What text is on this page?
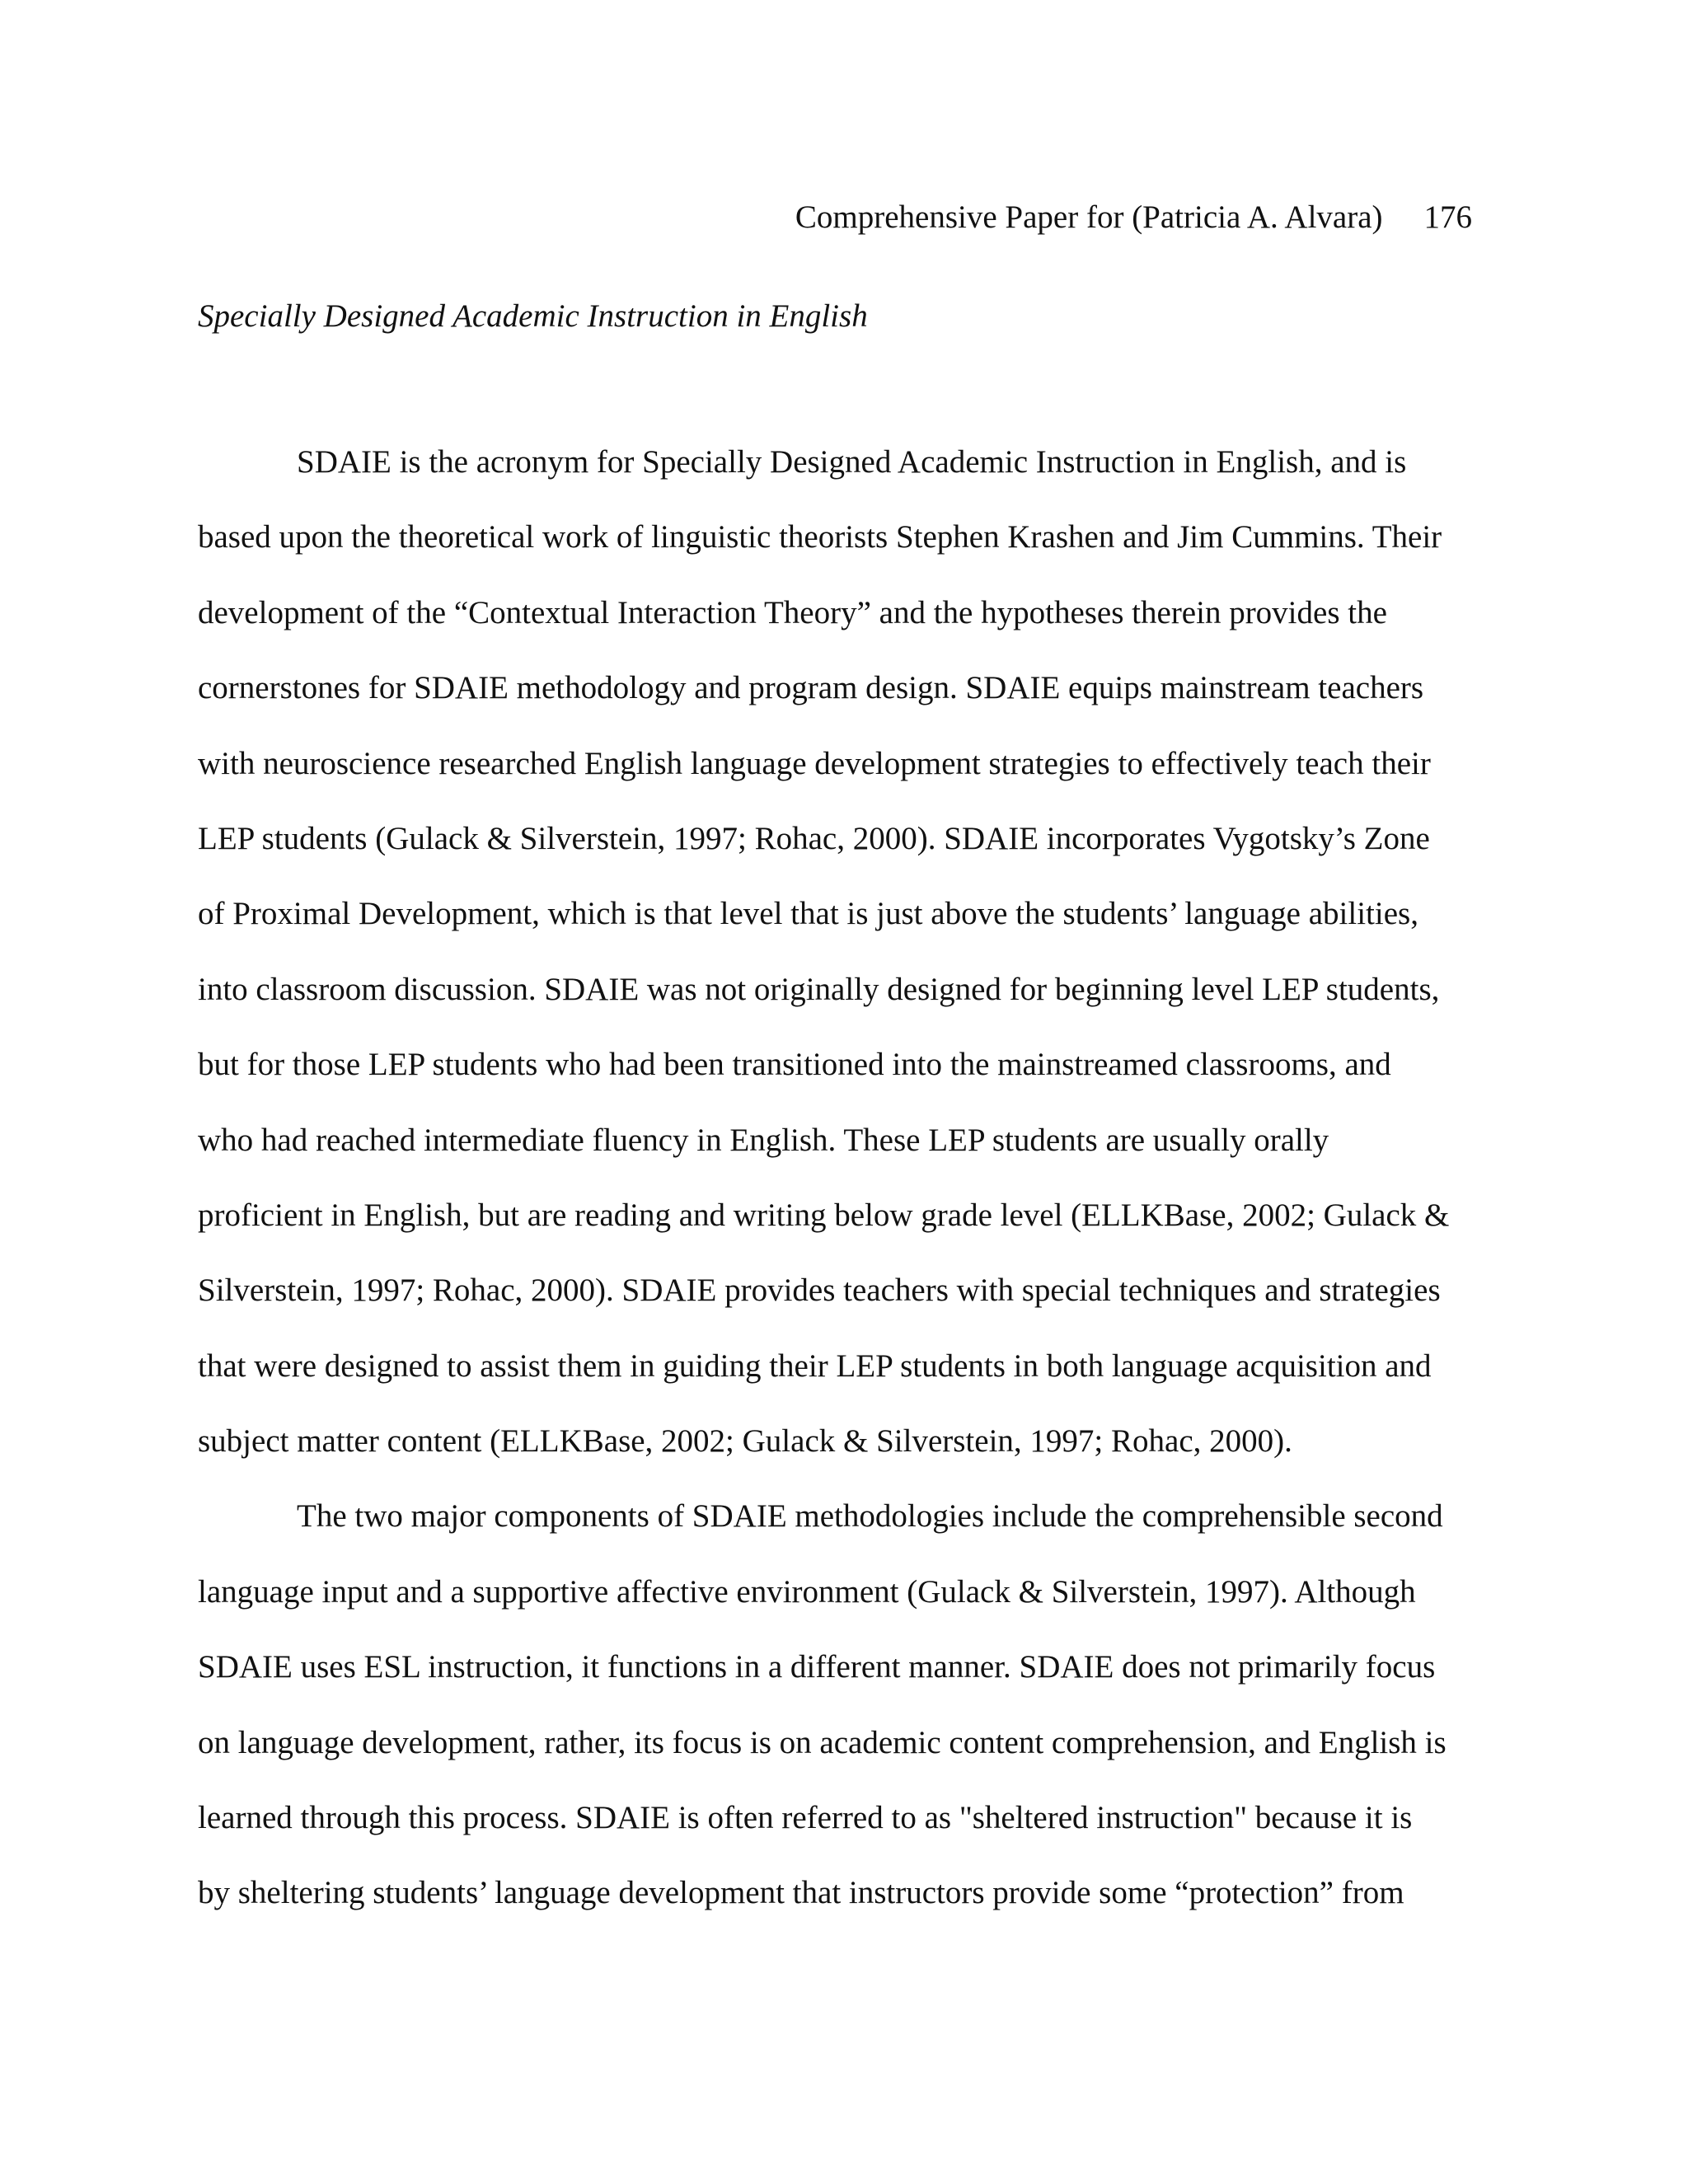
Comprehensive Paper for (Patricia A. Alvara) 176
Specially Designed Academic Instruction in English
SDAIE is the acronym for Specially Designed Academic Instruction in English, and is
based upon the theoretical work of linguistic theorists Stephen Krashen and Jim Cummins. Their
development of the “Contextual Interaction Theory” and the hypotheses therein provides the
cornerstones for SDAIE methodology and program design. SDAIE equips mainstream teachers
with neuroscience researched English language development strategies to effectively teach their
LEP students (Gulack & Silverstein, 1997; Rohac, 2000). SDAIE incorporates Vygotsky’s Zone
of Proximal Development, which is that level that is just above the students’ language abilities,
into classroom discussion. SDAIE was not originally designed for beginning level LEP students,
but for those LEP students who had been transitioned into the mainstreamed classrooms, and
who had reached intermediate fluency in English. These LEP students are usually orally
proficient in English, but are reading and writing below grade level (ELLKBase, 2002; Gulack &
Silverstein, 1997; Rohac, 2000). SDAIE provides teachers with special techniques and strategies
that were designed to assist them in guiding their LEP students in both language acquisition and
subject matter content (ELLKBase, 2002; Gulack & Silverstein, 1997; Rohac, 2000).
The two major components of SDAIE methodologies include the comprehensible second
language input and a supportive affective environment (Gulack & Silverstein, 1997). Although
SDAIE uses ESL instruction, it functions in a different manner. SDAIE does not primarily focus
on language development, rather, its focus is on academic content comprehension, and English is
learned through this process. SDAIE is often referred to as "sheltered instruction" because it is
by sheltering students’ language development that instructors provide some “protection” from
